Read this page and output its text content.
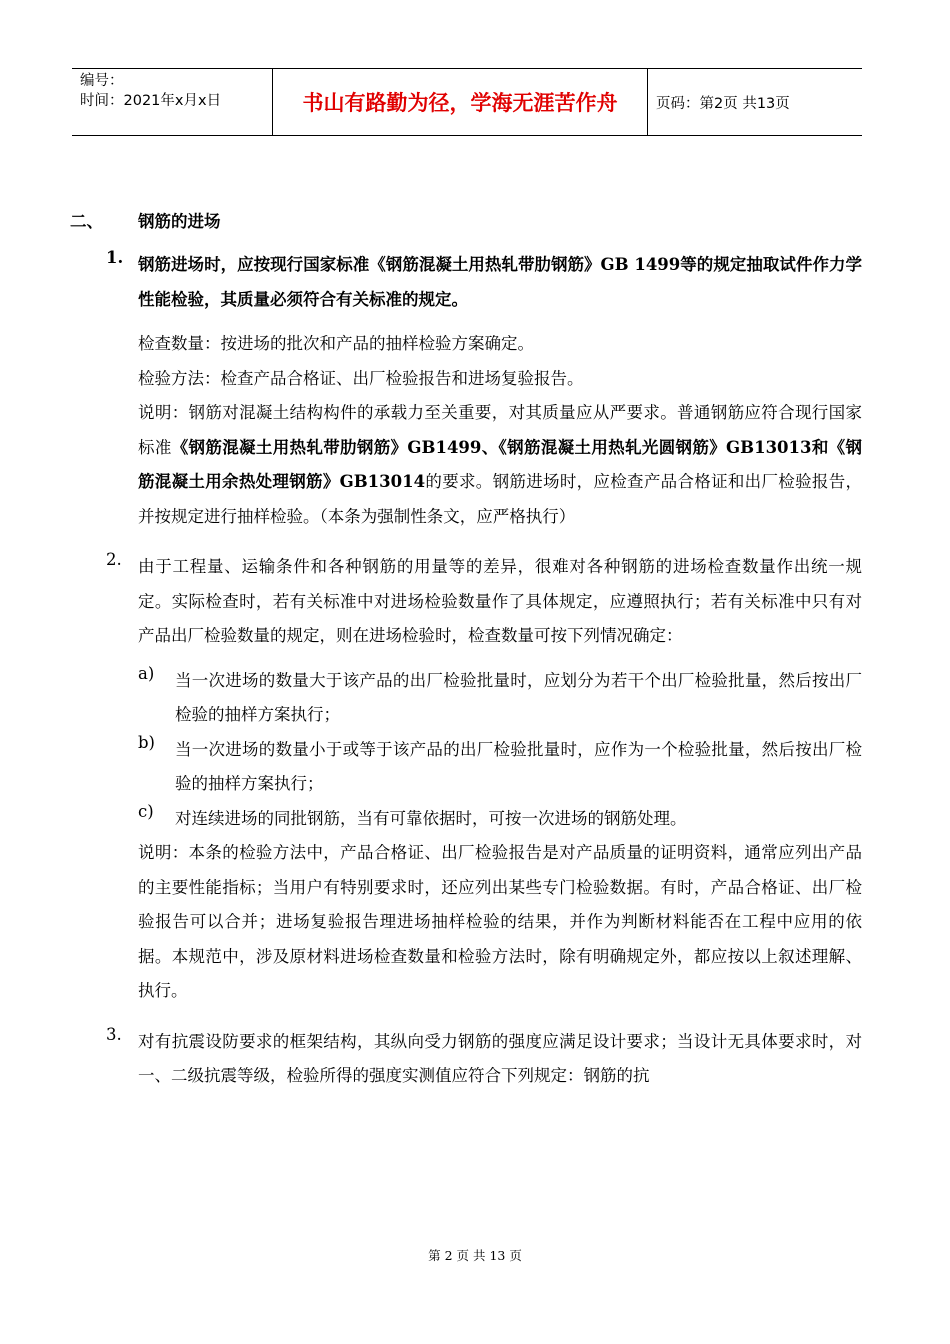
编号：
时间：2021年x月x日	书山有路勤为径，学海无涯苦作舟	页码：第2页 共13页
二、 钢筋的进场
1. 钢筋进场时，应按现行国家标准《钢筋混凝土用热轧带肋钢筋》GB 1499等的规定抽取试件作力学性能检验，其质量必须符合有关标准的规定。
检查数量：按进场的批次和产品的抽样检验方案确定。
检验方法：检查产品合格证、出厂检验报告和进场复验报告。
说明：钢筋对混凝土结构构件的承载力至关重要，对其质量应从严要求。普通钢筋应符合现行国家标准《钢筋混凝土用热轧带肋钢筋》GB1499、《钢筋混凝土用热轧光圆钢筋》GB13013和《钢筋混凝土用余热处理钢筋》GB13014的要求。钢筋进场时，应检查产品合格证和出厂检验报告，并按规定进行抽样检验。（本条为强制性条文，应严格执行）
2. 由于工程量、运输条件和各种钢筋的用量等的差异，很难对各种钢筋的进场检查数量作出统一规定。实际检查时，若有关标准中对进场检验数量作了具体规定，应遵照执行；若有关标准中只有对产品出厂检验数量的规定，则在进场检验时，检查数量可按下列情况确定：
a) 当一次进场的数量大于该产品的出厂检验批量时，应划分为若干个出厂检验批量，然后按出厂检验的抽样方案执行；
b) 当一次进场的数量小于或等于该产品的出厂检验批量时，应作为一个检验批量，然后按出厂检验的抽样方案执行；
c) 对连续进场的同批钢筋，当有可靠依据时，可按一次进场的钢筋处理。
说明：本条的检验方法中，产品合格证、出厂检验报告是对产品质量的证明资料，通常应列出产品的主要性能指标；当用户有特别要求时，还应列出某些专门检验数据。有时，产品合格证、出厂检验报告可以合并；进场复验报告理进场抽样检验的结果，并作为判断材料能否在工程中应用的依据。本规范中，涉及原材料进场检查数量和检验方法时，除有明确规定外，都应按以上叙述理解、执行。
3. 对有抗震设防要求的框架结构，其纵向受力钢筋的强度应满足设计要求；当设计无具体要求时，对一、二级抗震等级，检验所得的强度实测值应符合下列规定：钢筋的抗
第 2 页 共 13 页
